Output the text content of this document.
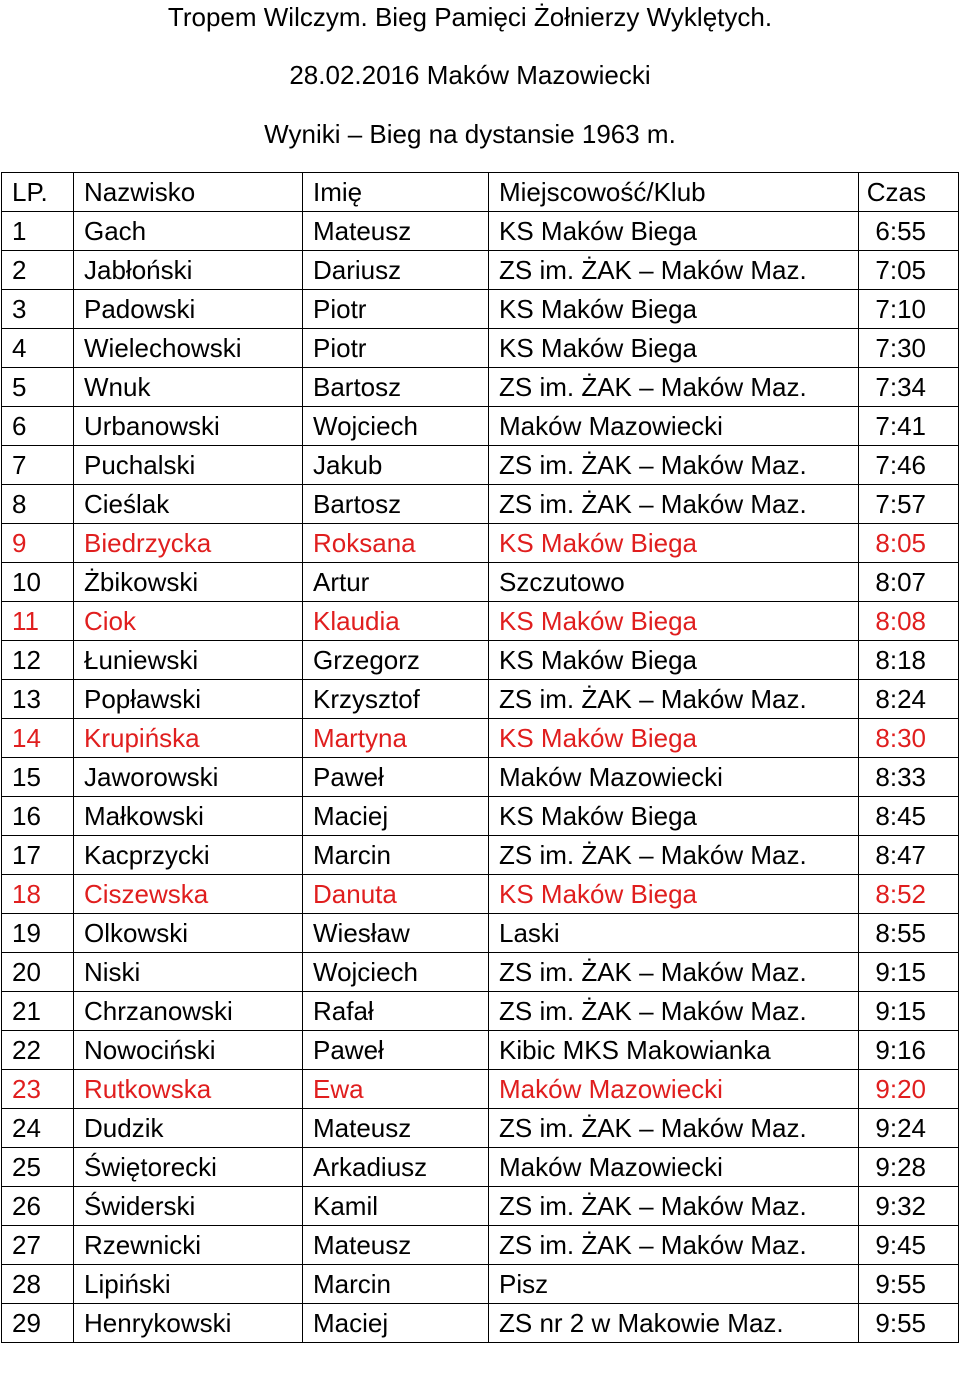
Tropem Wilczym. Bieg Pamięci Żołnierzy Wyklętych.
28.02.2016 Maków Mazowiecki
Wyniki – Bieg na dystansie 1963 m.
LP.	Nazwisko	Imię	Miejscowość/Klub	Czas
1	Gach	Mateusz	KS Maków Biega	6:55
2	Jabłoński	Dariusz	ZS im. ŻAK – Maków Maz.	7:05
3	Padowski	Piotr	KS Maków Biega	7:10
4	Wielechowski	Piotr	KS Maków Biega	7:30
5	Wnuk	Bartosz	ZS im. ŻAK – Maków Maz.	7:34
6	Urbanowski	Wojciech	Maków Mazowiecki	7:41
7	Puchalski	Jakub	ZS im. ŻAK – Maków Maz.	7:46
8	Cieślak	Bartosz	ZS im. ŻAK – Maków Maz.	7:57
9	Biedrzycka	Roksana	KS Maków Biega	8:05
10	Żbikowski	Artur	Szczutowo	8:07
11	Ciok	Klaudia	KS Maków Biega	8:08
12	Łuniewski	Grzegorz	KS Maków Biega	8:18
13	Popławski	Krzysztof	ZS im. ŻAK – Maków Maz.	8:24
14	Krupińska	Martyna	KS Maków Biega	8:30
15	Jaworowski	Paweł	Maków Mazowiecki	8:33
16	Małkowski	Maciej	KS Maków Biega	8:45
17	Kacprzycki	Marcin	ZS im. ŻAK – Maków Maz.	8:47
18	Ciszewska	Danuta	KS Maków Biega	8:52
19	Olkowski	Wiesław	Laski	8:55
20	Niski	Wojciech	ZS im. ŻAK – Maków Maz.	9:15
21	Chrzanowski	Rafał	ZS im. ŻAK – Maków Maz.	9:15
22	Nowociński	Paweł	Kibic MKS Makowianka	9:16
23	Rutkowska	Ewa	Maków Mazowiecki	9:20
24	Dudzik	Mateusz	ZS im. ŻAK – Maków Maz.	9:24
25	Świętorecki	Arkadiusz	Maków Mazowiecki	9:28
26	Świderski	Kamil	ZS im. ŻAK – Maków Maz.	9:32
27	Rzewnicki	Mateusz	ZS im. ŻAK – Maków Maz.	9:45
28	Lipiński	Marcin	Pisz	9:55
29	Henrykowski	Maciej	ZS nr 2 w Makowie Maz.	9:55
